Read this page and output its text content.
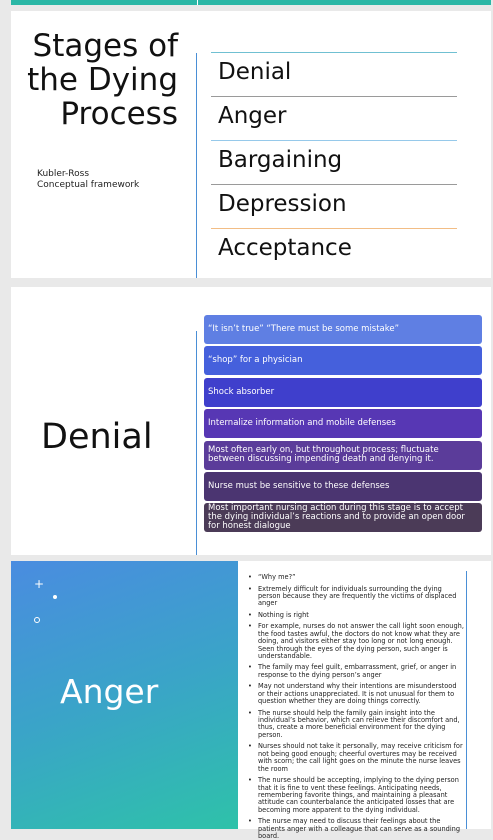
Stages of the Dying Process
Kubler-Ross
Conceptual framework
Denial
Anger
Bargaining
Depression
Acceptance
Denial
“It isn’t true” “There must be some mistake”
“shop” for a physician
Shock absorber
Internalize information and mobile defenses
Most often early on, but throughout process; fluctuate between discussing impending death and denying it.
Nurse must be sensitive to these defenses
Most important nursing action during this stage is to accept the dying individual’s reactions and to provide an open door for honest dialogue
+
Anger
• “Why me?”
• Extremely difficult for individuals surrounding the dying person because they are frequently the victims of displaced anger
• Nothing is right
• For example, nurses do not answer the call light soon enough, the food tastes awful, the doctors do not know what they are doing, and visitors either stay too long or not long enough. Seen through the eyes of the dying person, such anger is understandable.
• The family may feel guilt, embarrassment, grief, or anger in response to the dying person’s anger
• May not understand why their intentions are misunderstood or their actions unappreciated. It is not unusual for them to question whether they are doing things correctly.
• The nurse should help the family gain insight into the individual’s behavior, which can relieve their discomfort and, thus, create a more beneficial environment for the dying person.
• Nurses should not take it personally, may receive criticism for not being good enough; cheerful overtures may be received with scorn; the call light goes on the minute the nurse leaves the room
• The nurse should be accepting, implying to the dying person that it is fine to vent these feelings. Anticipating needs, remembering favorite things, and maintaining a pleasant attitude can counterbalance the anticipated losses that are becoming more apparent to the dying individual.
• The nurse may need to discuss their feelings about the patients anger with a colleague that can serve as a sounding board.
